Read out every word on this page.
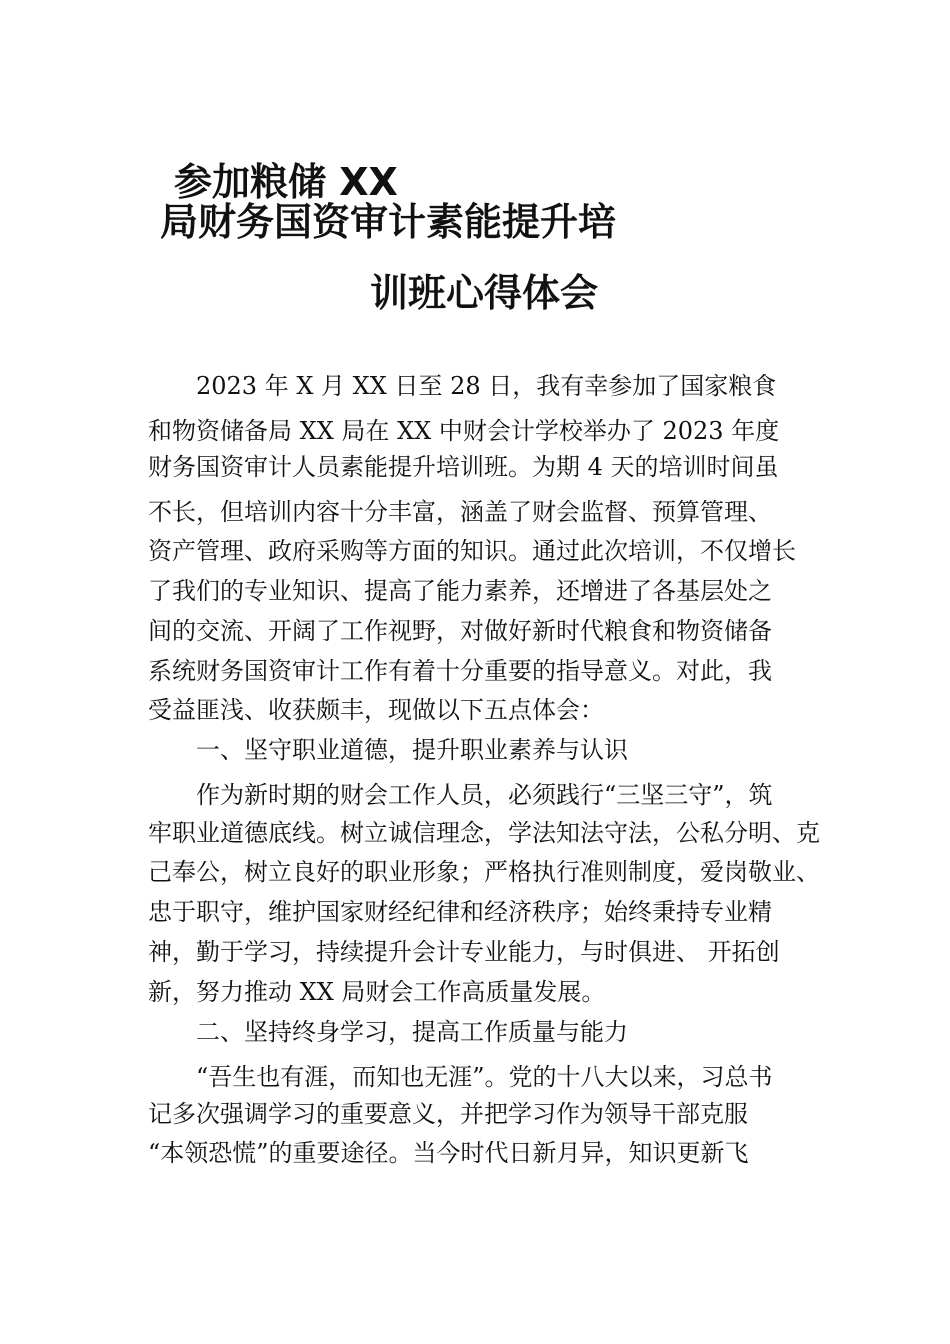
参加粮储 XX
局财务国资审计素能提升培
训班心得体会
　　2023 年 X 月 XX 日至 28 日，我有幸参加了国家粮食
和物资储备局 XX 局在 XX 中财会计学校举办了 2023 年度
财务国资审计人员素能提升培训班。为期 4 天的培训时间虽
不长，但培训内容十分丰富，涵盖了财会监督、预算管理、
资产管理、政府采购等方面的知识。通过此次培训，不仅增长
了我们的专业知识、提高了能力素养，还增进了各基层处之
间的交流、开阔了工作视野，对做好新时代粮食和物资储备
系统财务国资审计工作有着十分重要的指导意义。对此，我
受益匪浅、收获颇丰，现做以下五点体会：
　　一、坚守职业道德，提升职业素养与认识
　　作为新时期的财会工作人员，必须践行“三坚三守”，筑
牢职业道德底线。树立诚信理念，学法知法守法，公私分明、克
己奉公，树立良好的职业形象；严格执行准则制度，爱岗敬业、
忠于职守，维护国家财经纪律和经济秩序；始终秉持专业精
神，勤于学习，持续提升会计专业能力，与时俱进、 开拓创
新，努力推动 XX 局财会工作高质量发展。
　　二、坚持终身学习，提高工作质量与能力
　　“吾生也有涯，而知也无涯”。党的十八大以来，习总书
记多次强调学习的重要意义，并把学习作为领导干部克服
“本领恐慌”的重要途径。当今时代日新月异，知识更新飞
